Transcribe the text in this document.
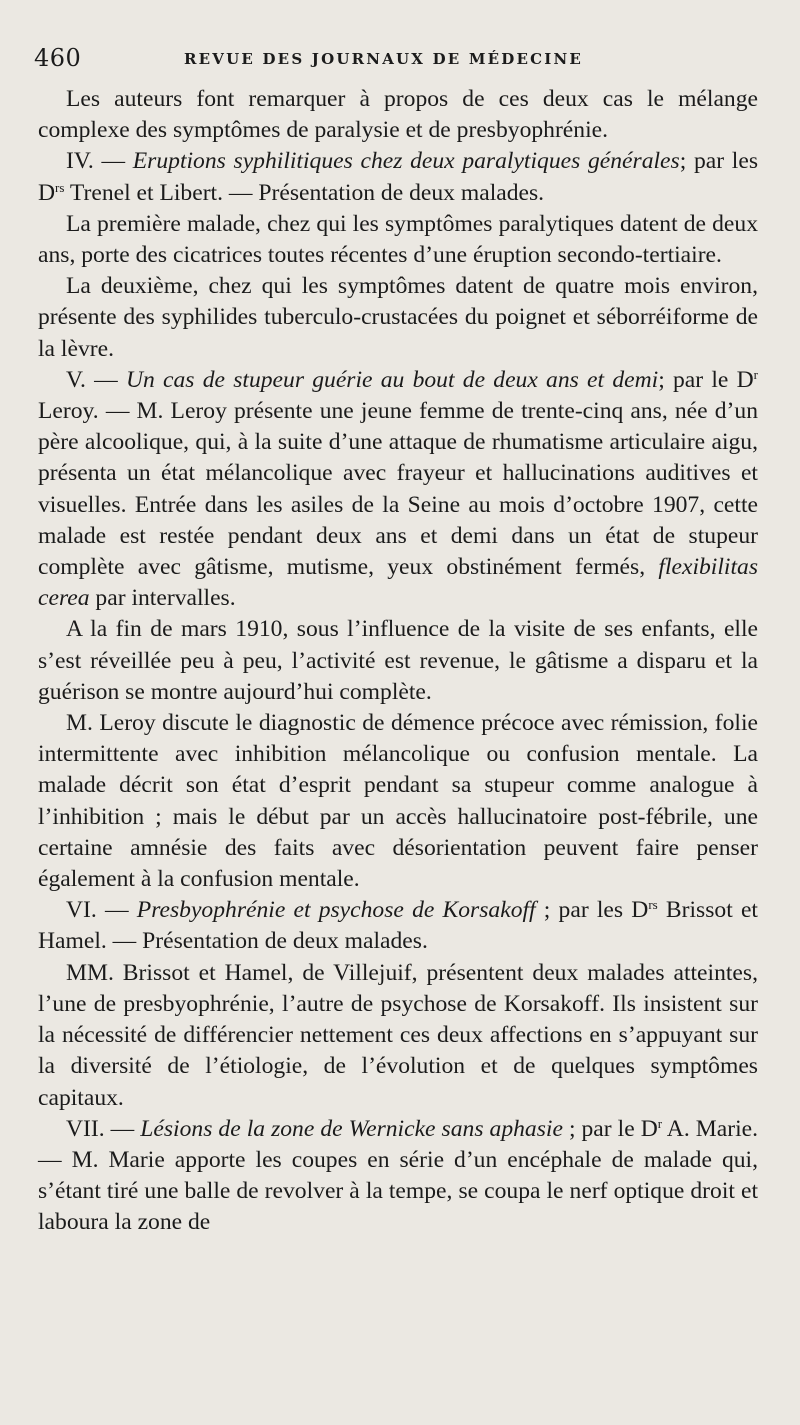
460	REVUE DES JOURNAUX DE MÉDECINE

Les auteurs font remarquer à propos de ces deux cas le mélange complexe des symptômes de paralysie et de presbyophrénie.

IV. — Eruptions syphilitiques chez deux paralytiques générales; par les $D^{rs}$ Trenel et Libert. — Présentation de deux malades.

La première malade, chez qui les symptômes paralytiques datent de deux ans, porte des cicatrices toutes récentes d’une éruption secondo-tertiaire.

La deuxième, chez qui les symptômes datent de quatre mois environ, présente des syphilides tuberculo-crustacées du poignet et séborréiforme de la lèvre.

V. — Un cas de stupeur guérie au bout de deux ans et demi; par le $D^r$ Leroy. — M. Leroy présente une jeune femme de trente-cinq ans, née d’un père alcoolique, qui, à la suite d’une attaque de rhumatisme articulaire aigu, présenta un état mélancolique avec frayeur et hallucinations auditives et visuelles. Entrée dans les asiles de la Seine au mois d’octobre 1907, cette malade est restée pendant deux ans et demi dans un état de stupeur complète avec gâtisme, mutisme, yeux obstinément fermés, flexibilitas cerea par intervalles.

A la fin de mars 1910, sous l’influence de la visite de ses enfants, elle s’est réveillée peu à peu, l’activité est revenue, le gâtisme a disparu et la guérison se montre aujourd’hui complète.

M. Leroy discute le diagnostic de démence précoce avec rémission, folie intermittente avec inhibition mélancolique ou confusion mentale. La malade décrit son état d’esprit pendant sa stupeur comme analogue à l’inhibition ; mais le début par un accès hallucinatoire post-fébrile, une certaine amnésie des faits avec désorientation peuvent faire penser également à la confusion mentale.

VI. — Presbyophrénie et psychose de Korsakoff ; par les $D^{rs}$ Brissot et Hamel. — Présentation de deux malades.

MM. Brissot et Hamel, de Villejuif, présentent deux malades atteintes, l’une de presbyophrénie, l’autre de psychose de Korsakoff. Ils insistent sur la nécessité de différencier nettement ces deux affections en s’appuyant sur la diversité de l’étiologie, de l’évolution et de quelques symptômes capitaux.

VII. — Lésions de la zone de Wernicke sans aphasie ; par le $D^r$ A. Marie. — M. Marie apporte les coupes en série d’un encéphale de malade qui, s’étant tiré une balle de revolver à la tempe, se coupa le nerf optique droit et laboura la zone de
